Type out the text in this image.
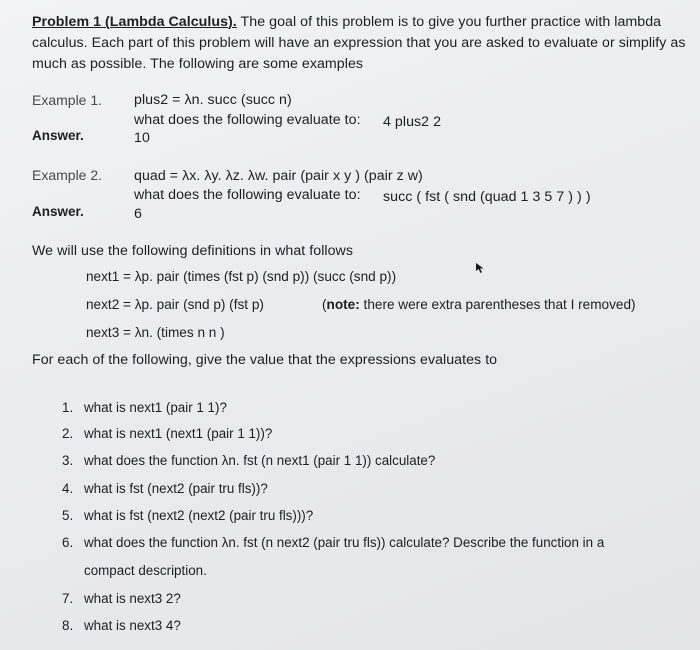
Problem 1 (Lambda Calculus). The goal of this problem is to give you further practice with lambda
calculus. Each part of this problem will have an expression that you are asked to evaluate or simplify as
much as possible. The following are some examples
Example 1. plus2 = λn. succ (succ n)
what does the following evaluate to: 4 plus2 2
Answer.	10
Example 2. quad = λx. λy. λz. λw. pair (pair x y ) (pair z w)
what does the following evaluate to: succ ( fst ( snd (quad 1 3 5 7 ) ) )
Answer.	6
We will use the following definitions in what follows
next1 = λp. pair (times (fst p) (snd p)) (succ (snd p))
next2 = λp. pair (snd p) (fst p)	(note: there were extra parentheses that I removed)
next3 = λn. (times n n )
For each of the following, give the value that the expressions evaluates to
1. what is next1 (pair 1 1)?
2. what is next1 (next1 (pair 1 1))?
3. what does the function λn. fst (n next1 (pair 1 1)) calculate?
4. what is fst (next2 (pair tru fls))?
5. what is fst (next2 (next2 (pair tru fls)))?
6. what does the function λn. fst (n next2 (pair tru fls)) calculate? Describe the function in a
compact description.
7. what is next3 2?
8. what is next3 4?
